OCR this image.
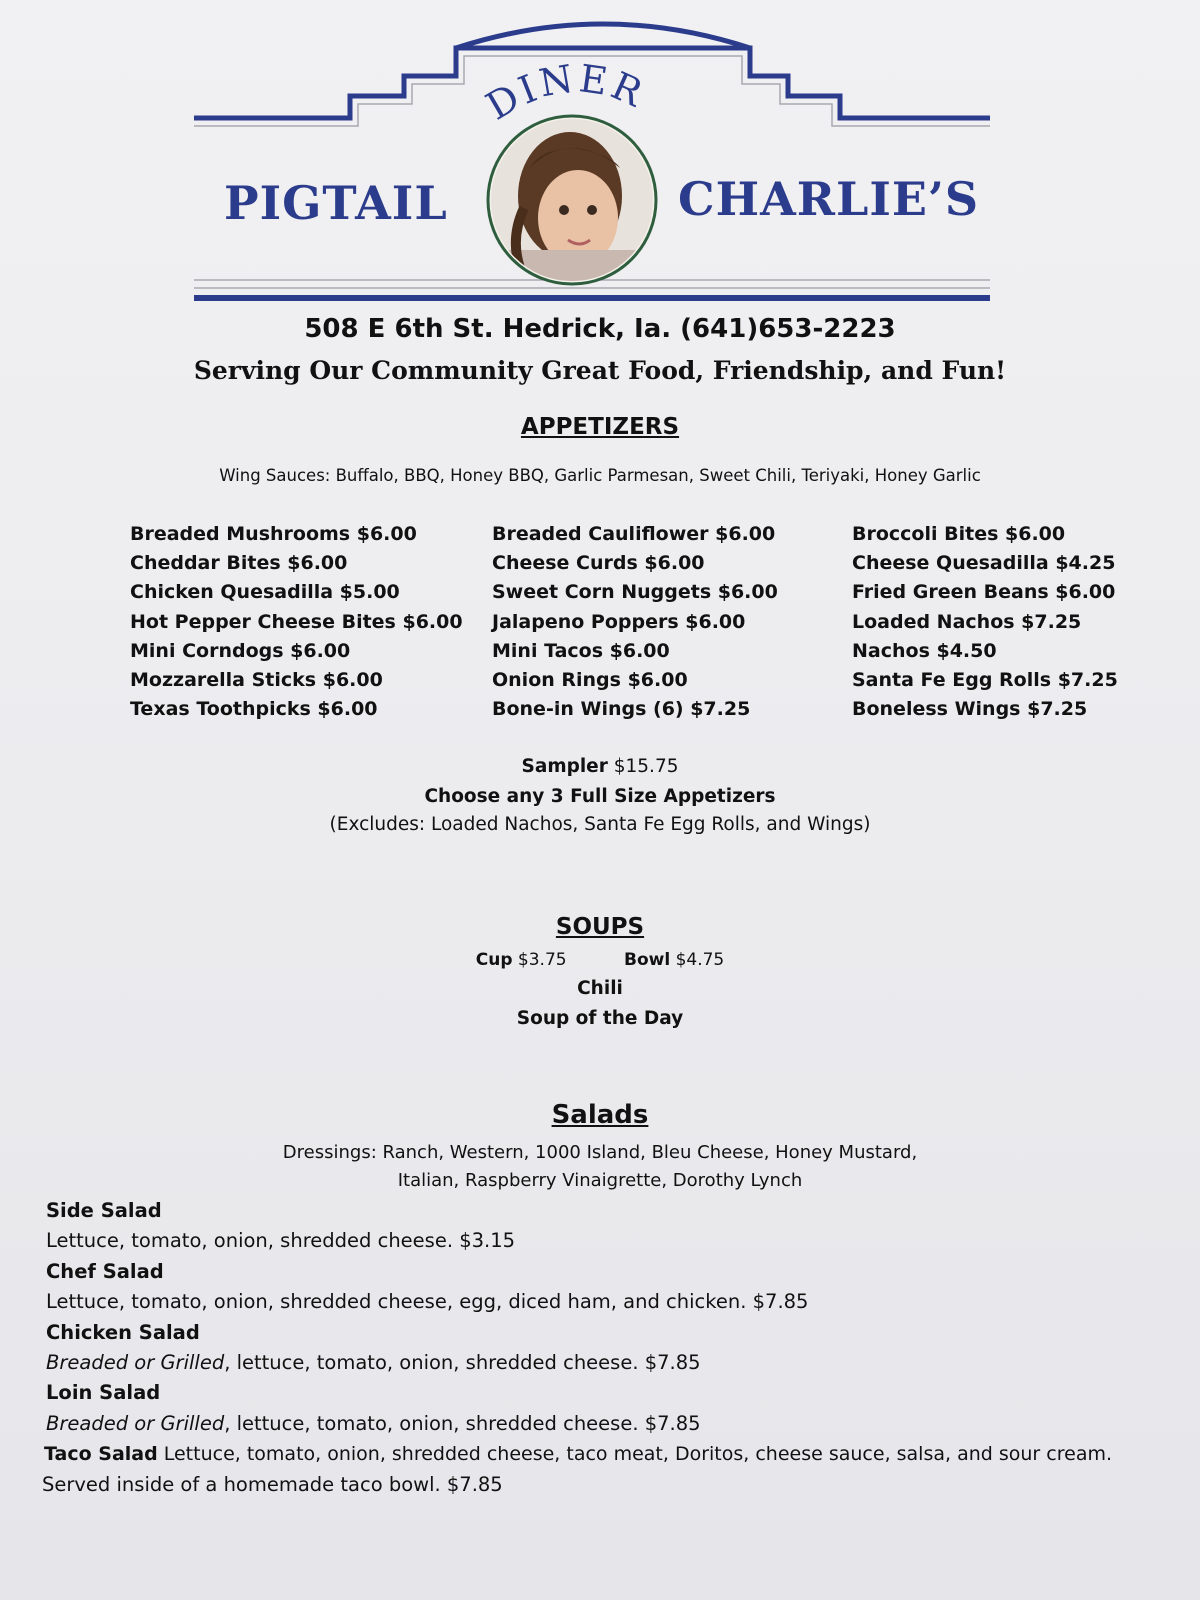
DINER
PIGTAIL	CHARLIE’S
508 E 6th St. Hedrick, Ia. (641)653-2223
Serving Our Community Great Food, Friendship, and Fun!
APPETIZERS
Wing Sauces: Buffalo, BBQ, Honey BBQ, Garlic Parmesan, Sweet Chili, Teriyaki, Honey Garlic
Breaded Mushrooms $6.00
Cheddar Bites $6.00
Chicken Quesadilla $5.00
Hot Pepper Cheese Bites $6.00
Mini Corndogs $6.00
Mozzarella Sticks $6.00
Texas Toothpicks $6.00
Breaded Cauliflower $6.00
Cheese Curds $6.00
Sweet Corn Nuggets $6.00
Jalapeno Poppers $6.00
Mini Tacos $6.00
Onion Rings $6.00
Bone-in Wings (6) $7.25
Broccoli Bites $6.00
Cheese Quesadilla $4.25
Fried Green Beans $6.00
Loaded Nachos $7.25
Nachos $4.50
Santa Fe Egg Rolls $7.25
Boneless Wings $7.25
Sampler $15.75
Choose any 3 Full Size Appetizers
(Excludes: Loaded Nachos, Santa Fe Egg Rolls, and Wings)
SOUPS
Cup $3.75	Bowl $4.75
Chili
Soup of the Day
Salads
Dressings: Ranch, Western, 1000 Island, Bleu Cheese, Honey Mustard,
Italian, Raspberry Vinaigrette, Dorothy Lynch
Side Salad
Lettuce, tomato, onion, shredded cheese. $3.15
Chef Salad
Lettuce, tomato, onion, shredded cheese, egg, diced ham, and chicken. $7.85
Chicken Salad
Breaded or Grilled, lettuce, tomato, onion, shredded cheese. $7.85
Loin Salad
Breaded or Grilled, lettuce, tomato, onion, shredded cheese. $7.85
Taco Salad Lettuce, tomato, onion, shredded cheese, taco meat, Doritos, cheese sauce, salsa, and sour cream.
Served inside of a homemade taco bowl. $7.85
